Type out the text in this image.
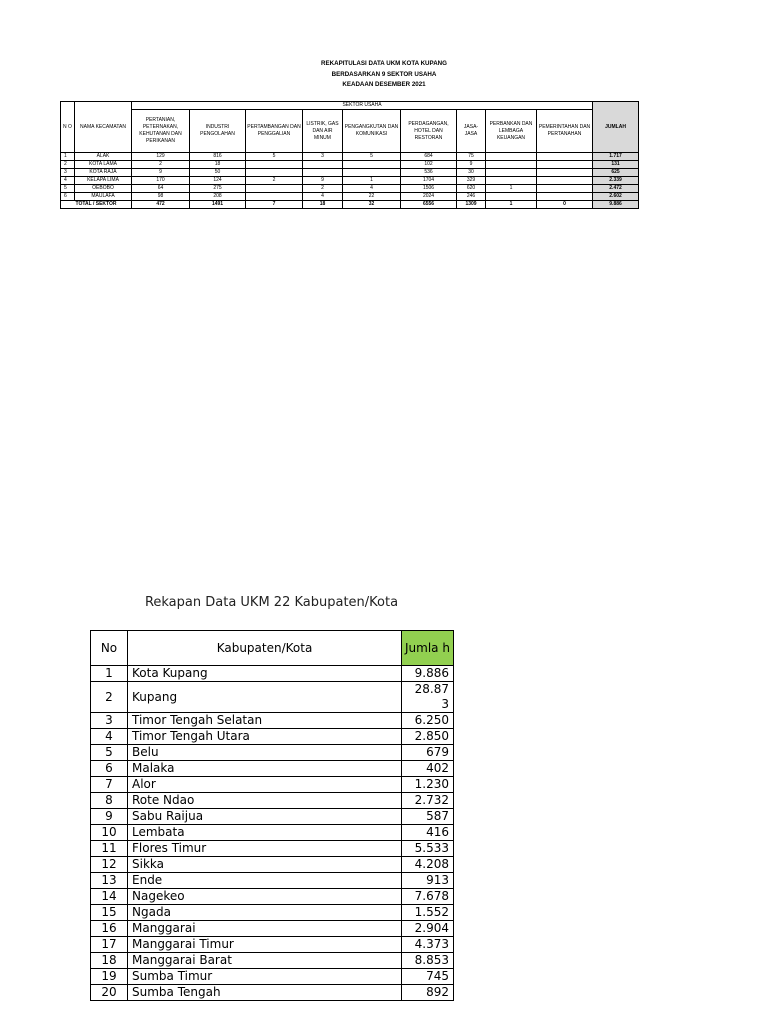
REKAPITULASI DATA UKM KOTA KUPANG
BERDASARKAN 9 SEKTOR USAHA
KEADAAN DESEMBER 2021
N O	NAMA KECAMATAN	SEKTOR USAHA									JUMLAH
		PERTANIAN, PETERNAKAN, KEHUTANAN DAN PERIKANAN	INDUSTRI PENGOLAHAN	PERTAMBANGAN DAN PENGGALIAN	LISTRIK, GAS DAN AIR MINUM	PENGANGKUTAN DAN KOMUNIKASI	PERDAGANGAN, HOTEL DAN RESTORAN	JASA-JASA	PERBANKAN DAN LEMBAGA KEUANGAN	PEMERINTAHAN DAN PERTANAHAN	
1	ALAK	129	816	5	3	5	684	75			1.717
2	KOTA LAMA	2	18				102	9			131
3	KOTA RAJA	9	50				536	30			625
4	KELAPA LIMA	170	124	2	9	1	1704	329			2.339
5	OEBOBO	64	275		2	4	1506	620	1		2.472
6	MAULAFA	98	208		4	22	2024	246			2.602
TOTAL / SEKTOR		472	1491	7	18	32	6556	1309	1	0	9.886
Rekapan Data UKM 22 Kabupaten/Kota
No	Kabupaten/Kota	Jumla h
1	Kota Kupang	9.886
2	Kupang	28.87 3
3	Timor Tengah Selatan	6.250
4	Timor Tengah Utara	2.850
5	Belu	679
6	Malaka	402
7	Alor	1.230
8	Rote Ndao	2.732
9	Sabu Raijua	587
10	Lembata	416
11	Flores Timur	5.533
12	Sikka	4.208
13	Ende	913
14	Nagekeo	7.678
15	Ngada	1.552
16	Manggarai	2.904
17	Manggarai Timur	4.373
18	Manggarai Barat	8.853
19	Sumba Timur	745
20	Sumba Tengah	892
